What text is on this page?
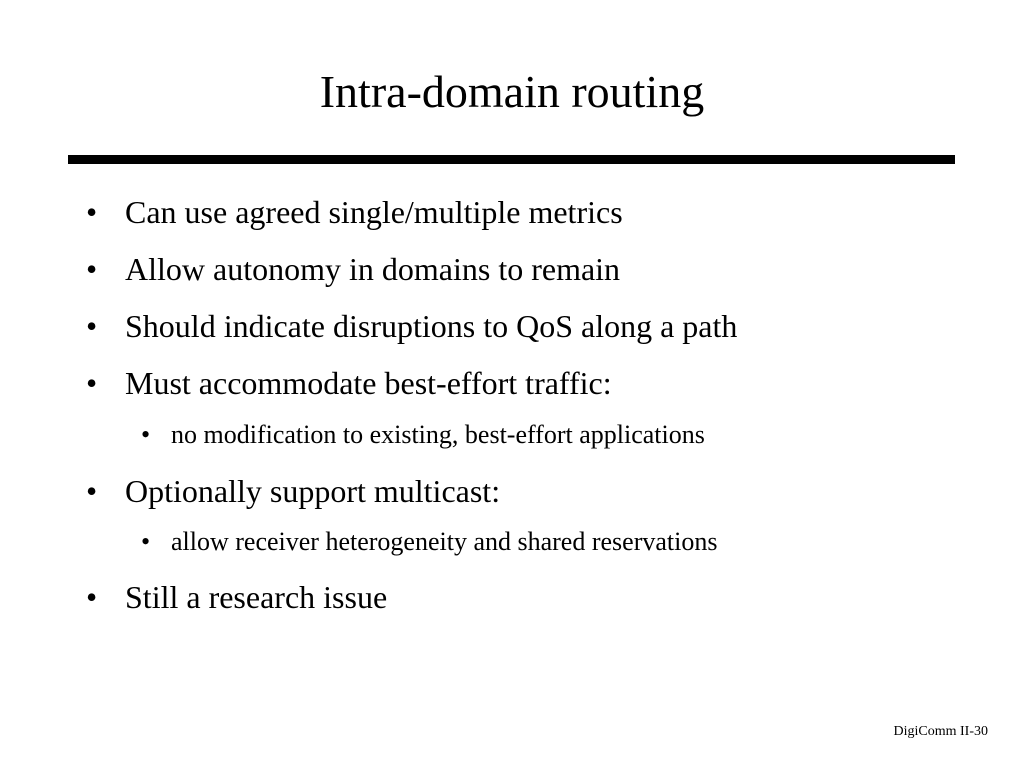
Intra-domain routing
• Can use agreed single/multiple metrics
• Allow autonomy in domains to remain
• Should indicate disruptions to QoS along a path
• Must accommodate best-effort traffic:
• no modification to existing, best-effort applications
• Optionally support multicast:
• allow receiver heterogeneity and shared reservations
• Still a research issue
DigiComm II-30
